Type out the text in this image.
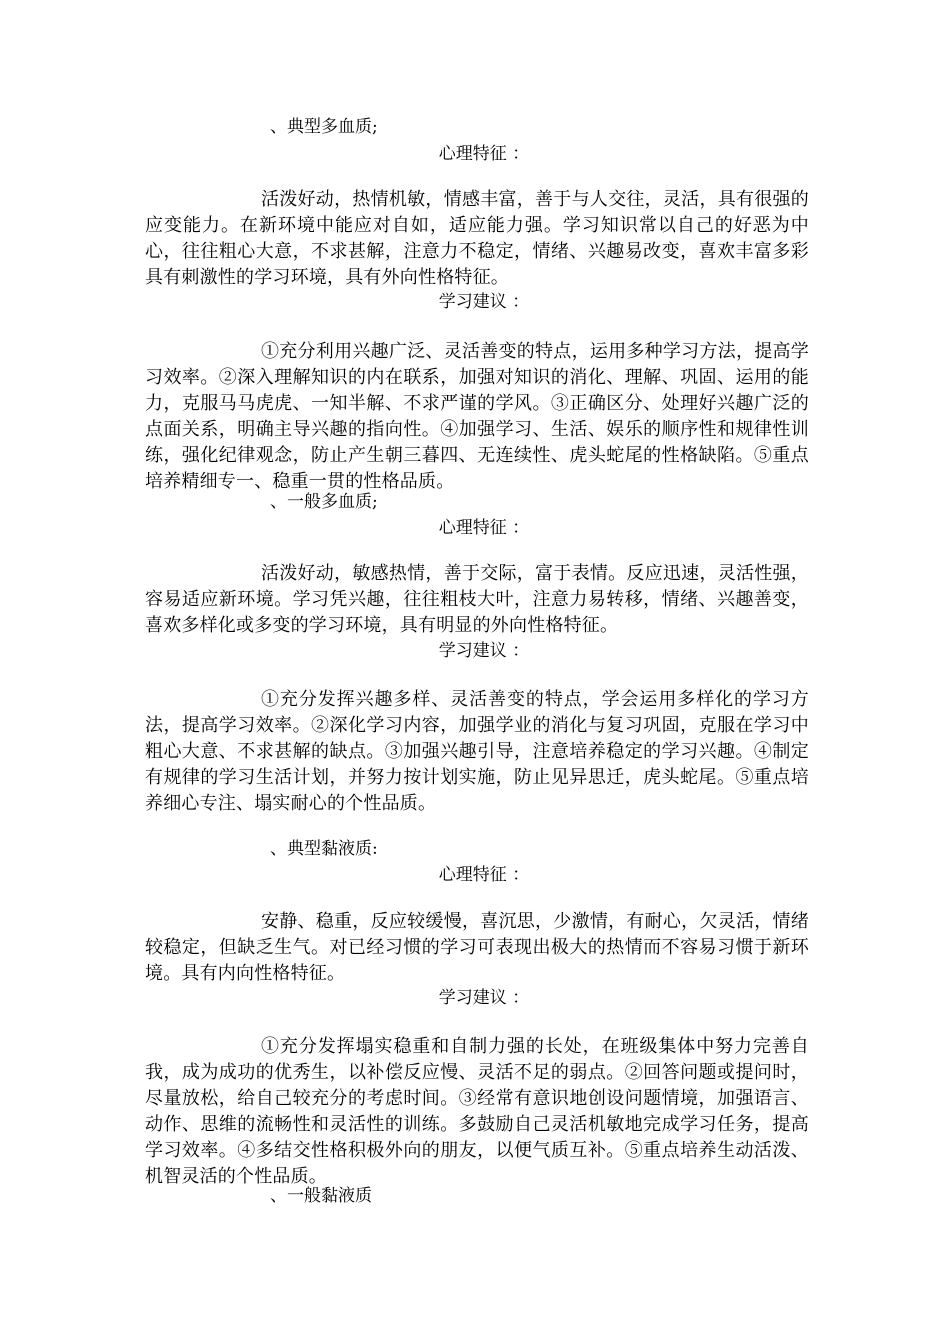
、典型多血质;
心理特征 ：
活泼好动，热情机敏，情感丰富，善于与人交往，灵活，具有很强的应变能力。在新环境中能应对自如，适应能力强。学习知识常以自己的好恶为中心，往往粗心大意，不求甚解，注意力不稳定，情绪、兴趣易改变，喜欢丰富多彩具有刺激性的学习环境，具有外向性格特征。
学习建议 ：
①充分利用兴趣广泛、灵活善变的特点，运用多种学习方法，提高学习效率。②深入理解知识的内在联系，加强对知识的消化、理解、巩固、运用的能力，克服马马虎虎、一知半解、不求严谨的学风。③正确区分、处理好兴趣广泛的点面关系，明确主导兴趣的指向性。④加强学习、生活、娱乐的顺序性和规律性训练，强化纪律观念，防止产生朝三暮四、无连续性、虎头蛇尾的性格缺陷。⑤重点培养精细专一、稳重一贯的性格品质。
、一般多血质;
心理特征 ：
活泼好动，敏感热情，善于交际，富于表情。反应迅速，灵活性强，容易适应新环境。学习凭兴趣，往往粗枝大叶，注意力易转移，情绪、兴趣善变，喜欢多样化或多变的学习环境，具有明显的外向性格特征。
学习建议 ：
①充分发挥兴趣多样、灵活善变的特点，学会运用多样化的学习方法，提高学习效率。②深化学习内容，加强学业的消化与复习巩固，克服在学习中粗心大意、不求甚解的缺点。③加强兴趣引导，注意培养稳定的学习兴趣。④制定有规律的学习生活计划，并努力按计划实施，防止见异思迁，虎头蛇尾。⑤重点培养细心专注、塌实耐心的个性品质。
、典型黏液质:
心理特征 ：
安静、稳重，反应较缓慢，喜沉思，少激情，有耐心，欠灵活，情绪较稳定，但缺乏生气。对已经习惯的学习可表现出极大的热情而不容易习惯于新环境。具有内向性格特征。
学习建议 ：
①充分发挥塌实稳重和自制力强的长处，在班级集体中努力完善自我，成为成功的优秀生，以补偿反应慢、灵活不足的弱点。②回答问题或提问时，尽量放松，给自己较充分的考虑时间。③经常有意识地创设问题情境，加强语言、动作、思维的流畅性和灵活性的训练。多鼓励自己灵活机敏地完成学习任务，提高学习效率。④多结交性格积极外向的朋友，以便气质互补。⑤重点培养生动活泼、机智灵活的个性品质。
、一般黏液质
